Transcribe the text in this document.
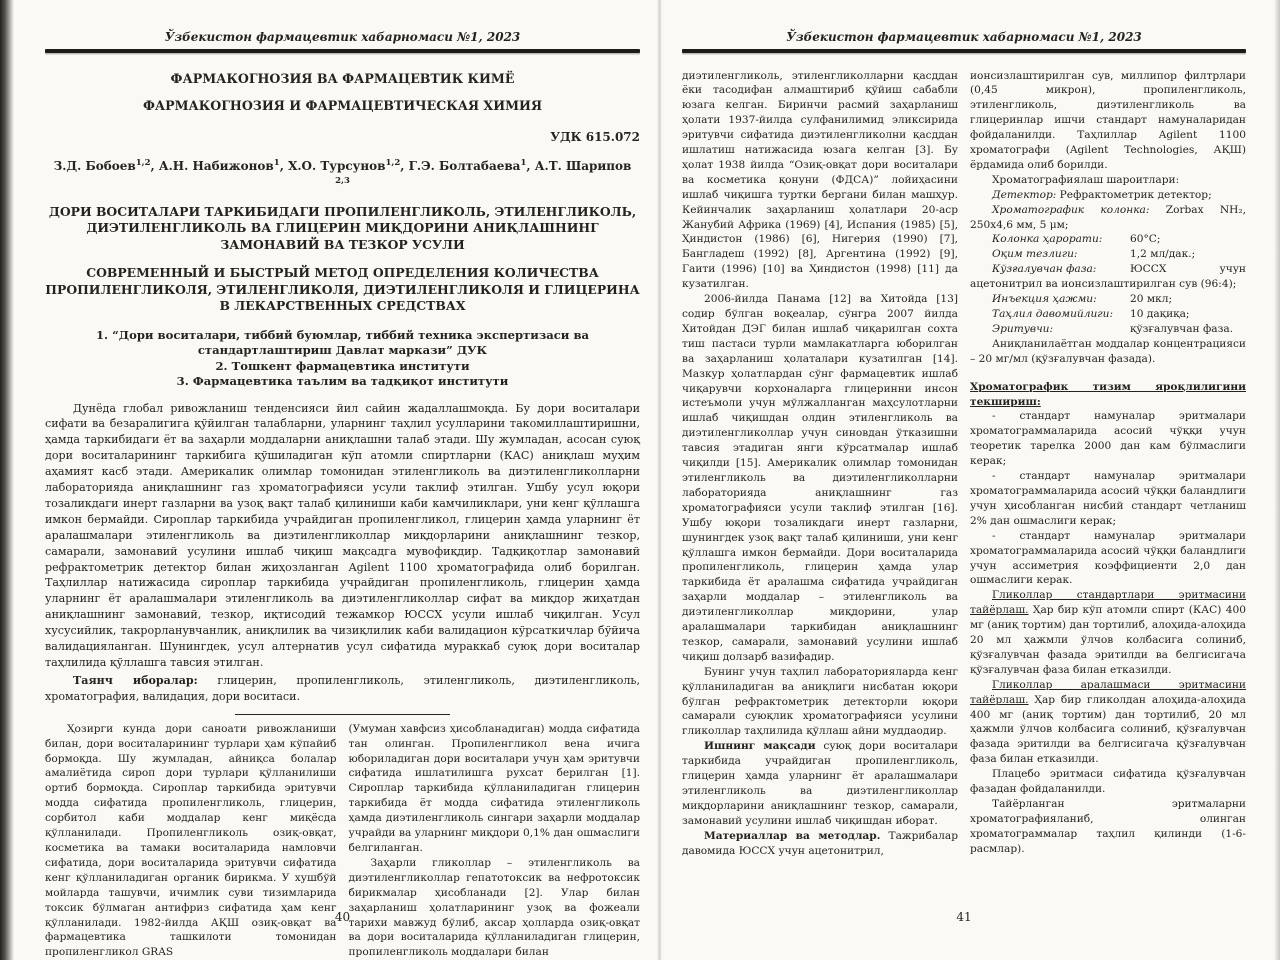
Ўзбекистон фармацевтик хабарномаси №1, 2023
ФАРМАКОГНОЗИЯ ВА ФАРМАЦЕВТИК КИМЁ
ФАРМАКОГНОЗИЯ И ФАРМАЦЕВТИЧЕСКАЯ ХИМИЯ
УДК 615.072
З.Д. Бобоев$^{1,2}$, А.Н. Набижонов$^1$, Х.О. Турсунов$^{1,2}$, Г.Э. Болтабаева$^1$, А.Т. Шарипов $^{2,3}$
ДОРИ ВОСИТАЛАРИ ТАРКИБИДАГИ ПРОПИЛЕНГЛИКОЛЬ, ЭТИЛЕНГЛИКОЛЬ, ДИЭТИЛЕНГЛИКОЛЬ ВА ГЛИЦЕРИН МИҚДОРИНИ АНИҚЛАШНИНГ ЗАМОНАВИЙ ВА ТЕЗКОР УСУЛИ
СОВРЕМЕННЫЙ И БЫСТРЫЙ МЕТОД ОПРЕДЕЛЕНИЯ КОЛИЧЕСТВА ПРОПИЛЕНГЛИКОЛЯ, ЭТИЛЕНГЛИКОЛЯ, ДИЭТИЛЕНГЛИКОЛЯ И ГЛИЦЕРИНА В ЛЕКАРСТВЕННЫХ СРЕДСТВАХ
1. “Дори воситалари, тиббий буюмлар, тиббий техника экспертизаси ва стандартлаштириш Давлат маркази” ДУК
2. Тошкент фармацевтика институти
3. Фармацевтика таълим ва тадқиқот институти
Дунёда глобал ривожланиш тенденсияси йил сайин жадаллашмоқда. Бу дори воситалари сифати ва безаралигига қўйилган талабларни, уларнинг таҳлил усулларини такомиллаштиришни, ҳамда таркибидаги ёт ва заҳарли моддаларни аниқлашни талаб этади. Шу жумладан, асосан суюқ дори воситаларининг таркибига қўшиладиган кўп атомли спиртларни (КАС) аниқлаш муҳим аҳамият касб этади. Америкалик олимлар томонидан этиленгликоль ва диэтиленгликолларни лабораторияда аниқлашнинг газ хроматографияси усули таклиф этилган. Ушбу усул юқори тозаликдаги инерт газларни ва узоқ вақт талаб қилиниши каби камчиликлари, уни кенг қўллашга имкон бермайди. Сироплар таркибида учрайдиган пропиленгликол, глицерин ҳамда уларнинг ёт аралашмалари этиленгликоль ва диэтиленгликоллар миқдорларини аниқлашнинг тезкор, самарали, замонавий усулини ишлаб чиқиш мақсадга мувофиқдир. Тадқиқотлар замонавий рефрактометрик детектор билан жиҳозланган Agilent 1100 хроматографида олиб борилган. Таҳлиллар натижасида сироплар таркибида учрайдиган пропиленгликоль, глицерин ҳамда уларнинг ёт аралашмалари этиленгликоль ва диэтиленгликоллар сифат ва миқдор жиҳатдан аниқлашнинг замонавий, тезкор, иқтисодий тежамкор ЮССХ усули ишлаб чиқилган. Усул хусусийлик, такрорланувчанлик, аниқлилик ва чизиқлилик каби валидацион кўрсаткичлар бўйича валидацияланган. Шунингдек, усул алтернатив усул сифатида мураккаб суюқ дори воситалар таҳлилида қўллашга тавсия этилган.
Таянч иборалар: глицерин, пропиленгликоль, этиленгликоль, диэтиленгликоль, хроматография, валидация, дори воситаси.

Ҳозирги кунда дори саноати ривожланиши билан, дори воситаларининг турлари ҳам кўпайиб бормоқда. Шу жумладан, айниқса болалар амалиётида сироп дори турлари қўлланилиши ортиб бормоқда. Сироплар таркибида эритувчи модда сифатида пропиленгликоль, глицерин, сорбитол каби моддалар кенг миқёсда қўлланилади. Пропиленгликоль озиқ-овқат, косметика ва тамаки воситаларида намловчи сифатида, дори воситаларида эритувчи сифатида кенг қўлланиладиган органик бирикма. У хушбўй мойларда ташувчи, ичимлик суви тизимларида токсик бўлмаган антифриз сифатида ҳам кенг қўлланилади. 1982-йилда АҚШ озиқ-овқат ва фармацевтика ташкилоти томонидан пропиленгликол GRAS

(Умуман хавфсиз ҳисобланадиган) модда сифатида тан олинган. Пропиленгликол вена ичига юбориладиган дори воситалари учун ҳам эритувчи сифатида ишлатилишга рухсат берилган [1]. Сироплар таркибида қўлланиладиган глицерин таркибида ёт модда сифатида этиленгликоль ҳамда диэтиленгликоль сингари заҳарли моддалар учрайди ва уларнинг миқдори 0,1% дан ошмаслиги белгиланган.

Заҳарли гликоллар – этиленгликоль ва диэтиленгликоллар гепатотоксик ва нефротоксик бирикмалар ҳисобланади [2]. Улар билан заҳарланиш ҳолатларининг узоқ ва фожеали тарихи мавжуд бўлиб, аксар ҳолларда озиқ-овқат ва дори воситаларида қўлланиладиган глицерин, пропиленгликоль моддалари билан

40
Ўзбекистон фармацевтик хабарномаси №1, 2023

диэтиленгликоль, этиленгликолларни қасддан ёки тасодифан алмаштириб қўйиш сабабли юзага келган. Биринчи расмий заҳарланиш ҳолати 1937-йилда сулфанилимид эликсирида эритувчи сифатида диэтиленгликолни қасддан ишлатиш натижасида юзага келган [3]. Бу ҳолат 1938 йилда “Озиқ-овқат дори воситалари ва косметика қонуни (ФДСА)” лойиҳасини ишлаб чиқишга туртки бергани билан машҳур. Кейинчалик заҳарланиш ҳолатлари 20-аср Жанубий Африка (1969) [4], Испания (1985) [5], Ҳиндистон (1986) [6], Нигерия (1990) [7], Бангладеш (1992) [8], Аргентина (1992) [9], Гаити (1996) [10] ва Ҳиндистон (1998) [11] да кузатилган.

2006-йилда Панама [12] ва Хитойда [13] содир бўлган воқеалар, сўнгра 2007 йилда Хитойдан ДЭГ билан ишлаб чиқарилган сохта тиш пастаси турли мамлакатларга юборилган ва заҳарланиш ҳолаталари кузатилган [14]. Мазкур ҳолатлардан сўнг фармацевтик ишлаб чиқарувчи корхоналарга глицеринни инсон истеъмоли учун мўлжалланган маҳсулотларни ишлаб чиқишдан олдин этиленгликоль ва диэтиленгликоллар учун синовдан ўтказишни тавсия этадиган янги кўрсатмалар ишлаб чиқилди [15]. Америкалик олимлар томонидан этиленгликоль ва диэтиленгликолларни лабораторияда аниқлашнинг газ хроматографияси усули таклиф этилган [16]. Ушбу юқори тозаликдаги инерт газларни, шунингдек узоқ вақт талаб қилиниши, уни кенг қўллашга имкон бермайди. Дори воситаларида пропиленгликоль, глицерин ҳамда улар таркибида ёт аралашма сифатида учрайдиган заҳарли моддалар – этиленгликоль ва диэтиленгликоллар миқдорини, улар аралашмалари таркибидан аниқлашнинг тезкор, самарали, замонавий усулини ишлаб чиқиш долзарб вазифадир.

Бунинг учун таҳлил лабораторияларда кенг қўлланиладиган ва аниқлиги нисбатан юқори бўлган рефрактометрик детекторли юқори самарали суюқлик хроматографияси усулини гликоллар таҳлилида қўллаш айни муддаодир.

Ишнинг мақсади суюқ дори воситалари таркибида учрайдиган пропиленгликоль, глицерин ҳамда уларнинг ёт аралашмалари этиленгликоль ва диэтиленгликоллар миқдорларини аниқлашнинг тезкор, самарали, замонавий усулини ишлаб чиқишдан иборат.

Материаллар ва методлар. Тажрибалар давомида ЮССХ учун ацетонитрил,

ионсизлаштирилган сув, миллипор филтрлари (0,45 микрон), пропиленгликоль, этиленгликоль, диэтиленгликоль ва глицеринлар ишчи стандарт намуналаридан фойдаланилди. Таҳлиллар Agilent 1100 хроматографи (Agilent Technologies, АҚШ) ёрдамида олиб борилди.

Хроматографиялаш шароитлари:

Детектор: Рефрактометрик детектор;

Хроматографик колонка: Zorbax NH₂, 250х4,6 мм, 5 μм;

Колонка ҳарорати:	60°С;

Оқим тезлиги:	1,2 мл/дак.;

Кўзғалувчан фаза:	ЮССХ учун ацетонитрил ва ионсизлаштирилган сув (96:4);

Инъекция ҳажми:	20 мкл;

Таҳлил давомийлиги: 10 дақиқа;

Эритувчи:	қўзғалувчан фаза.

Аниқланилаётган моддалар концентрацияси – 20 мг/мл (қўзғалувчан фазада).

Хроматографик тизим яроқлилигини текшириш:

- стандарт намуналар эритмалари хроматограммаларида асосий чўққи учун теоретик тарелка 2000 дан кам бўлмаслиги керак;

- стандарт намуналар эритмалари хроматограммаларида асосий чўққи баландлиги учун ҳисобланган нисбий стандарт четланиш 2% дан ошмаслиги керак;

- стандарт намуналар эритмалари хроматограммаларида асосий чўққи баландлиги учун ассиметрия коэффициенти 2,0 дан ошмаслиги керак.

Гликоллар стандартлари эритмасини тайёрлаш. Ҳар бир кўп атомли спирт (КАС) 400 мг (аниқ тортим) дан тортилиб, алоҳида-алоҳида 20 мл ҳажмли ўлчов колбасига солиниб, қўзғалувчан фазада эритилди ва белгисигача қўзғалувчан фаза билан етказилди.

Гликоллар аралашмаси эритмасини тайёрлаш. Ҳар бир гликолдан алоҳида-алоҳида 400 мг (аниқ тортим) дан тортилиб, 20 мл ҳажмли ўлчов колбасига солиниб, қўзғалувчан фазада эритилди ва белгисигача қўзғалувчан фаза билан етказилди.

Плацебо эритмаси сифатида қўзғалувчан фазадан фойдаланилди.

Тайёрланган эритмаларни хроматографияланиб, олинган хроматограммалар таҳлил қилинди (1-6-расмлар).

41
